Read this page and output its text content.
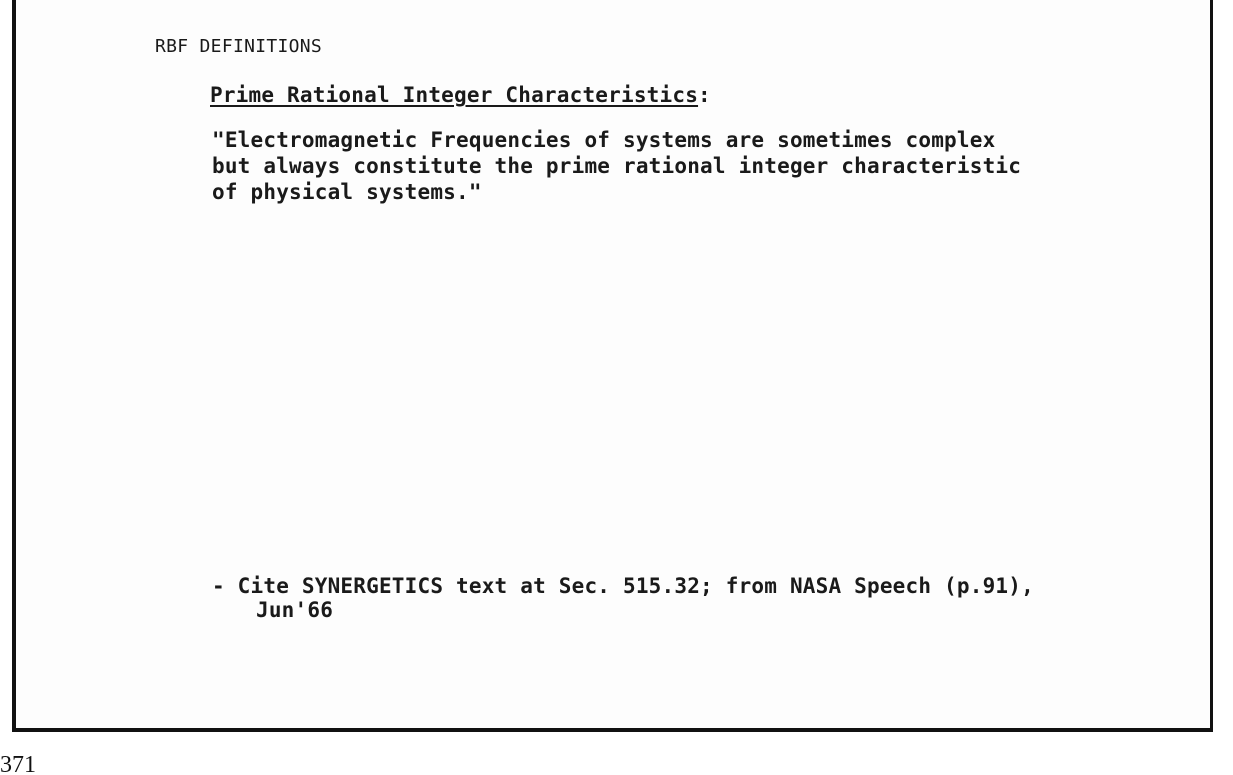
RBF DEFINITIONS
Prime Rational Integer Characteristics:
"Electromagnetic Frequencies of systems are sometimes complex
but always constitute the prime rational integer characteristic
of physical systems."
- Cite SYNERGETICS text at Sec. 515.32; from NASA Speech (p.91),
Jun'66
371
